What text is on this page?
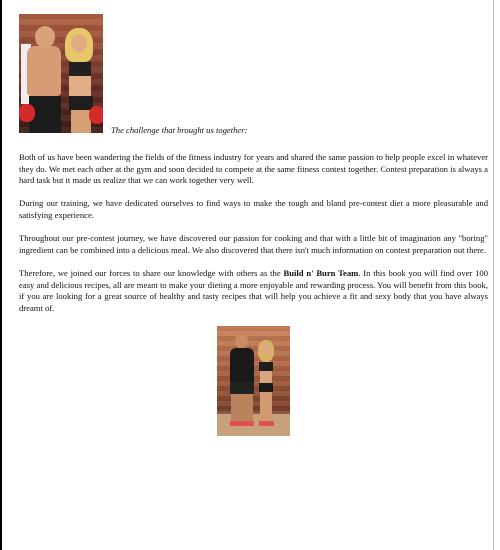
The challenge that brought us together:

Both of us have been wandering the fields of the fitness industry for years and shared the same passion to help people excel in whatever they do. We met each other at the gym and soon decided to compete at the same fitness contest together. Contest preparation is always a hard task but it made us realize that we can work together very well.

During our training, we have dedicated ourselves to find ways to make the tough and bland pre-contest diet a more pleasurable and satisfying experience.

Throughout our pre-contest journey, we have discovered our passion for cooking and that with a little bit of imagination any "boring" ingredient can be combined into a delicious meal. We also discovered that there isn't much information on contest preparation out there.

Therefore, we joined our forces to share our knowledge with others as the Build n' Burn Team. In this book you will find over 100 easy and delicious recipes, all are meant to make your dieting a more enjoyable and rewarding process. You will benefit from this book, if you are looking for a great source of healthy and tasty recipes that will help you achieve a fit and sexy body that you have always dreamt of.
